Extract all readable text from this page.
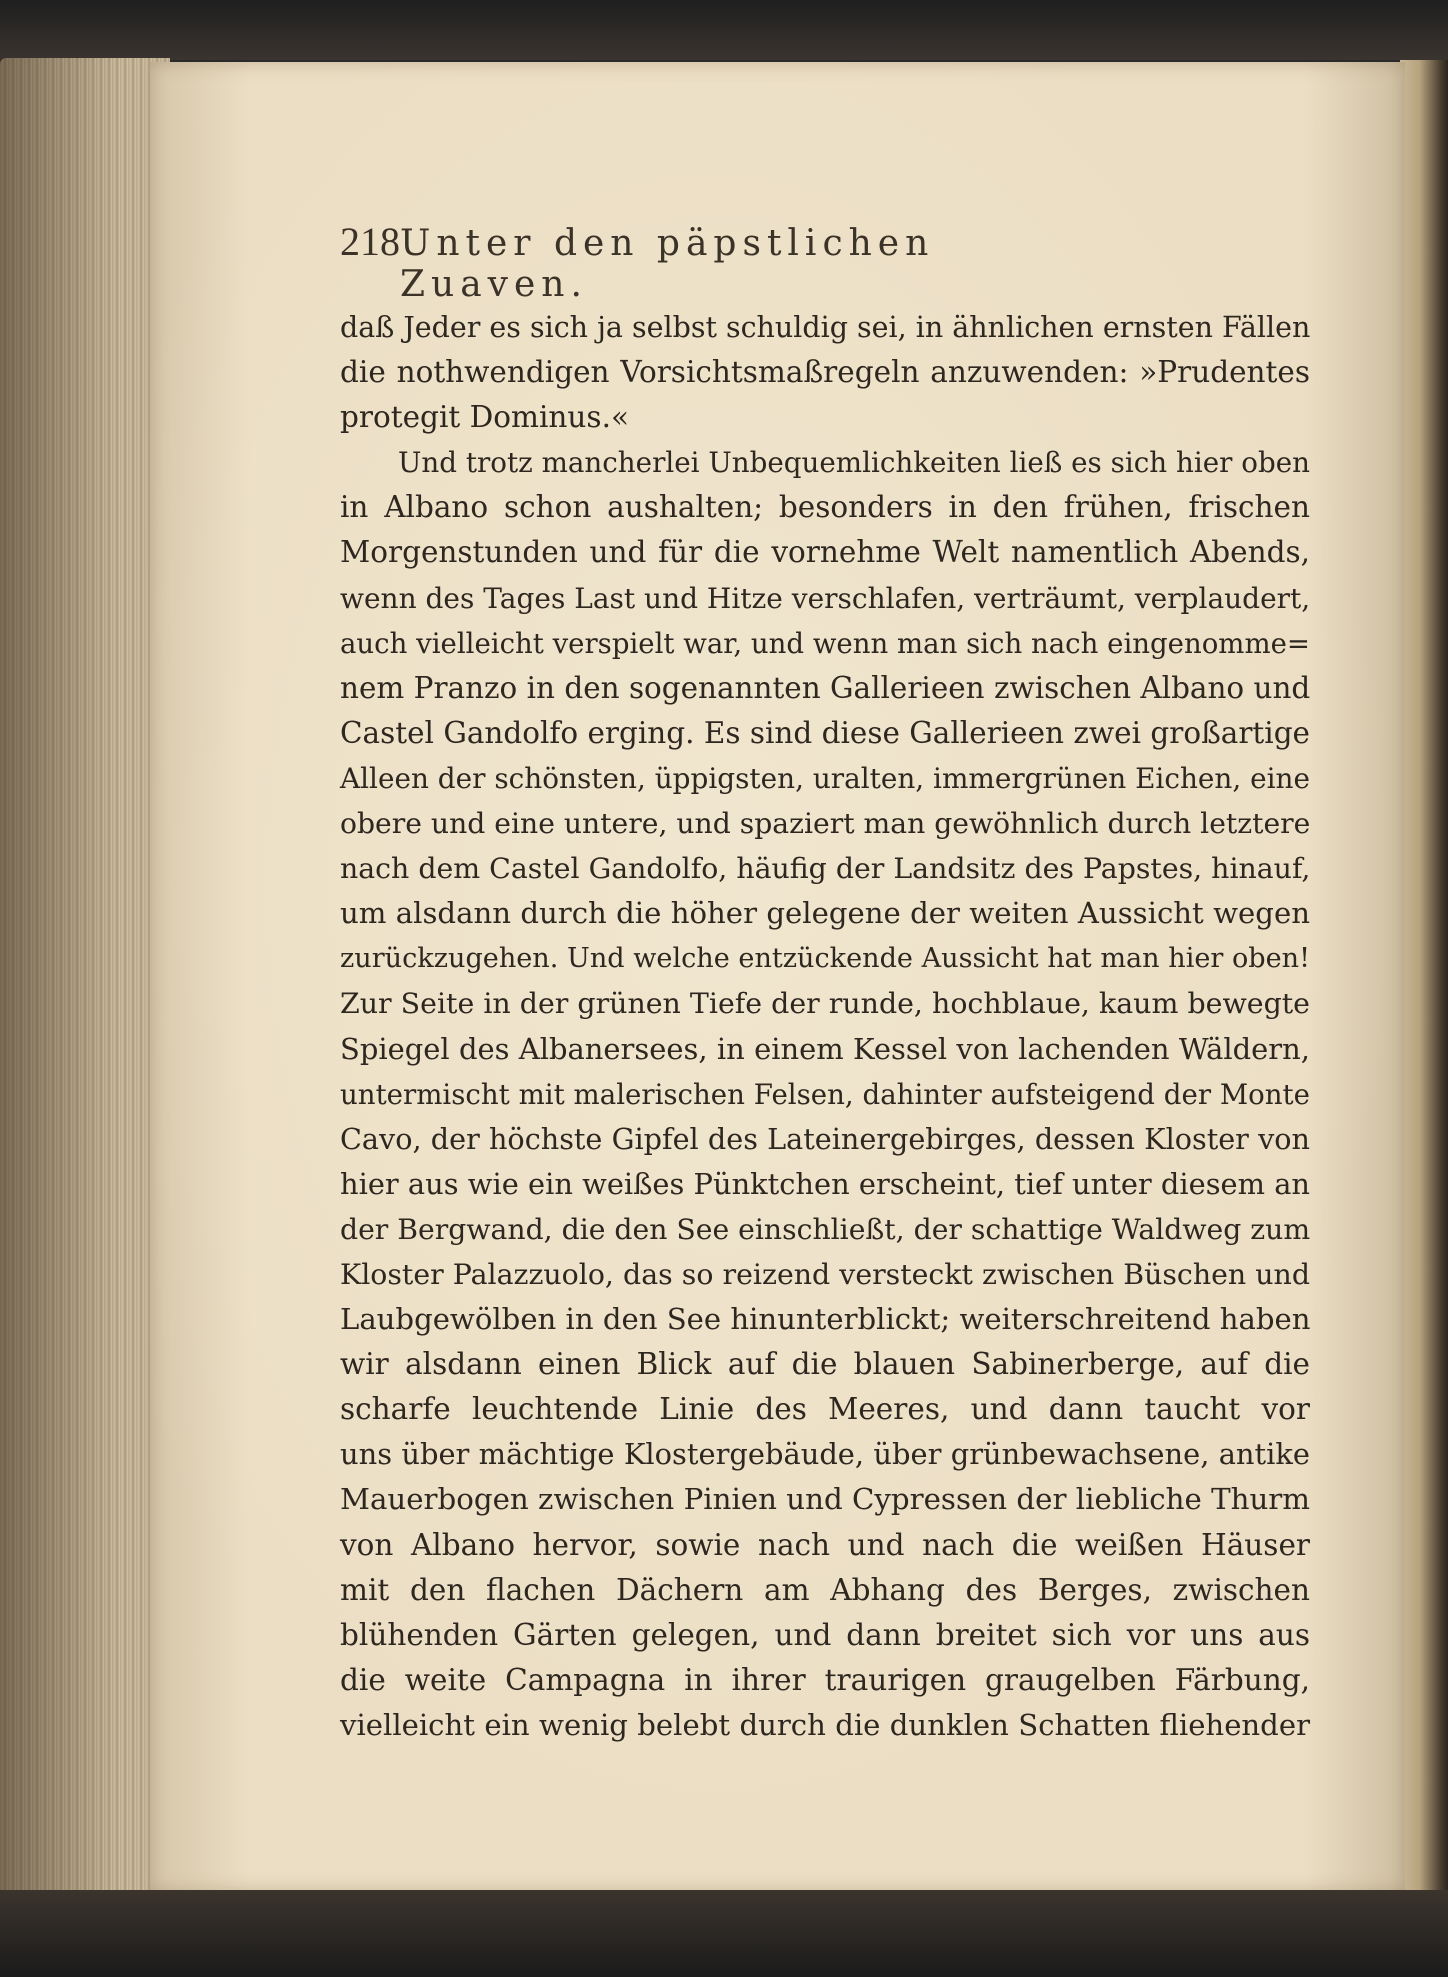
218 Unter den päpstlichen Zuaven.
daß Jeder es sich ja selbst schuldig sei, in ähnlichen ernsten Fällen
die nothwendigen Vorsichtsmaßregeln anzuwenden: »Prudentes
protegit Dominus.«
Und trotz mancherlei Unbequemlichkeiten ließ es sich hier oben
in Albano schon aushalten; besonders in den frühen, frischen
Morgenstunden und für die vornehme Welt namentlich Abends,
wenn des Tages Last und Hitze verschlafen, verträumt, verplaudert,
auch vielleicht verspielt war, und wenn man sich nach eingenomme=
nem Pranzo in den sogenannten Gallerieen zwischen Albano und
Castel Gandolfo erging. Es sind diese Gallerieen zwei großartige
Alleen der schönsten, üppigsten, uralten, immergrünen Eichen, eine
obere und eine untere, und spaziert man gewöhnlich durch letztere
nach dem Castel Gandolfo, häufig der Landsitz des Papstes, hinauf,
um alsdann durch die höher gelegene der weiten Aussicht wegen
zurückzugehen. Und welche entzückende Aussicht hat man hier oben!
Zur Seite in der grünen Tiefe der runde, hochblaue, kaum bewegte
Spiegel des Albanersees, in einem Kessel von lachenden Wäldern,
untermischt mit malerischen Felsen, dahinter aufsteigend der Monte
Cavo, der höchste Gipfel des Lateinergebirges, dessen Kloster von
hier aus wie ein weißes Pünktchen erscheint, tief unter diesem an
der Bergwand, die den See einschließt, der schattige Waldweg zum
Kloster Palazzuolo, das so reizend versteckt zwischen Büschen und
Laubgewölben in den See hinunterblickt; weiterschreitend haben
wir alsdann einen Blick auf die blauen Sabinerberge, auf die
scharfe leuchtende Linie des Meeres, und dann taucht vor
uns über mächtige Klostergebäude, über grünbewachsene, antike
Mauerbogen zwischen Pinien und Cypressen der liebliche Thurm
von Albano hervor, sowie nach und nach die weißen Häuser
mit den flachen Dächern am Abhang des Berges, zwischen
blühenden Gärten gelegen, und dann breitet sich vor uns aus
die weite Campagna in ihrer traurigen graugelben Färbung,
vielleicht ein wenig belebt durch die dunklen Schatten fliehender
